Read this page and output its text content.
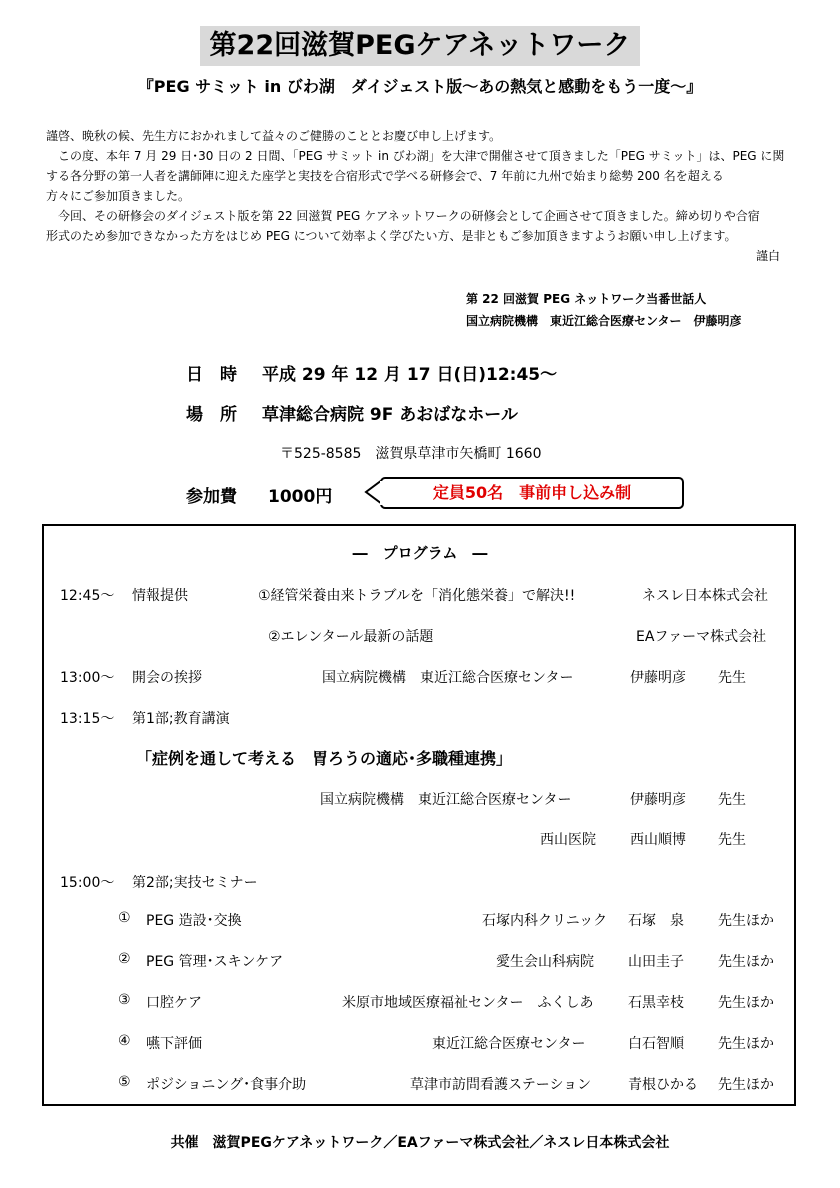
第22回滋賀PEGケアネットワーク
『PEG サミット in びわ湖　ダイジェスト版～あの熱気と感動をもう一度～』
謹啓、晩秋の候、先生方におかれまして益々のご健勝のこととお慶び申し上げます。
　この度、本年 7 月 29 日･30 日の 2 日間、「PEG サミット in びわ湖」を大津で開催させて頂きました「PEG サミット」は、PEG に関
する各分野の第一人者を講師陣に迎えた座学と実技を合宿形式で学べる研修会で、7 年前に九州で始まり総勢 200 名を超える
方々にご参加頂きました。
　今回、その研修会のダイジェスト版を第 22 回滋賀 PEG ケアネットワークの研修会として企画させて頂きました。締め切りや合宿
形式のため参加できなかった方をはじめ PEG について効率よく学びたい方、是非ともご参加頂きますようお願い申し上げます。
謹白
第 22 回滋賀 PEG ネットワーク当番世話人
国立病院機構　東近江総合医療センター　伊藤明彦
日　時 平成 29 年 12 月 17 日(日)12:45～
場　所 草津総合病院 9F あおばなホール
〒525-8585　滋賀県草津市矢橋町 1660
参加費 1000円	定員50名　事前申し込み制
―　プログラム　―
12:45～ 情報提供	①経管栄養由来トラブルを「消化態栄養」で解決!!	ネスレ日本株式会社
②エレンタール最新の話題	EAファーマ株式会社
13:00～ 開会の挨拶	国立病院機構　東近江総合医療センター	伊藤明彦 先生
13:15～ 第1部;教育講演
「症例を通して考える　胃ろうの適応･多職種連携」
国立病院機構　東近江総合医療センター	伊藤明彦 先生
西山医院 西山順博 先生
15:00～ 第2部;実技セミナー
① PEG 造設･交換	石塚内科クリニック 石塚　泉 先生ほか
② PEG 管理･スキンケア	愛生会山科病院 山田圭子 先生ほか
③ 口腔ケア	米原市地域医療福祉センター　ふくしあ 石黒幸枝 先生ほか
④ 嚥下評価	東近江総合医療センター	白石智順 先生ほか
⑤ ポジショニング･食事介助	草津市訪問看護ステーション	青根ひかる 先生ほか
共催　滋賀PEGケアネットワーク／EAファーマ株式会社／ネスレ日本株式会社
